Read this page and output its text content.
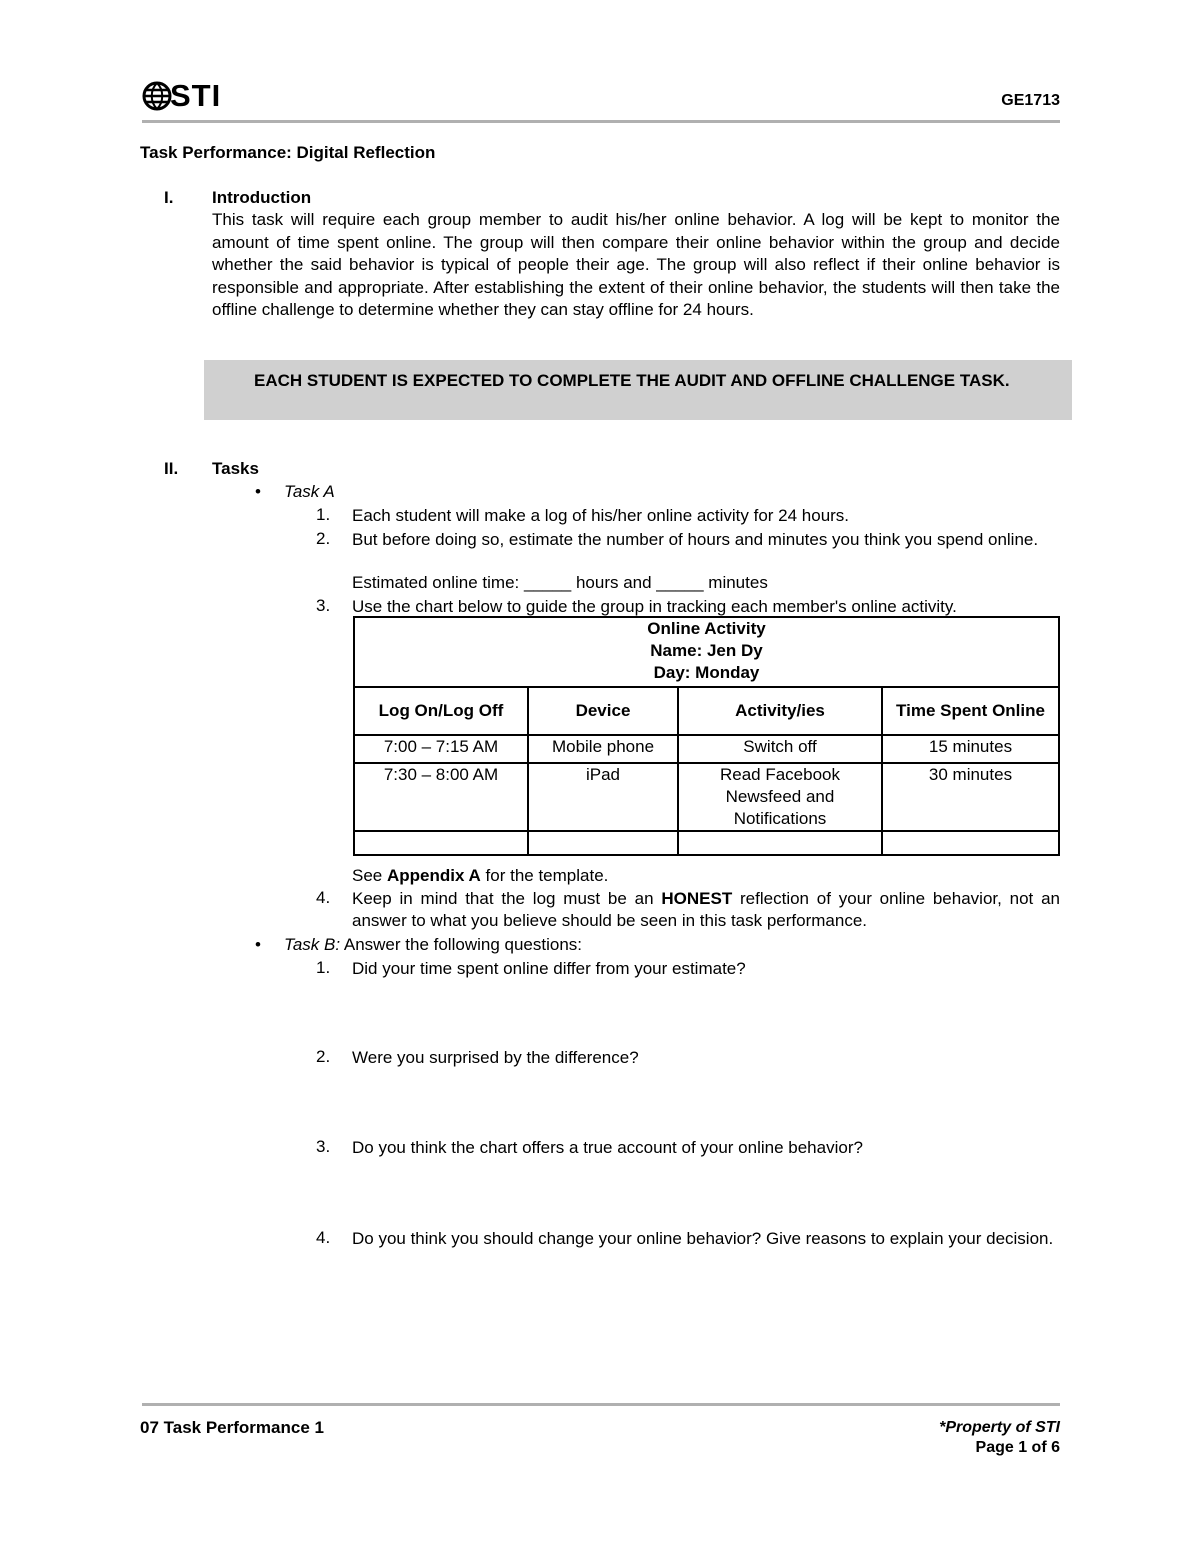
STI	GE1713
Task Performance: Digital Reflection
I. Introduction
This task will require each group member to audit his/her online behavior. A log will be kept to monitor the amount of time spent online. The group will then compare their online behavior within the group and decide whether the said behavior is typical of people their age. The group will also reflect if their online behavior is responsible and appropriate. After establishing the extent of their online behavior, the students will then take the offline challenge to determine whether they can stay offline for 24 hours.
EACH STUDENT IS EXPECTED TO COMPLETE THE AUDIT AND OFFLINE CHALLENGE TASK.
II. Tasks
• Task A
1. Each student will make a log of his/her online activity for 24 hours.
2. But before doing so, estimate the number of hours and minutes you think you spend online.
Estimated online time: _____ hours and _____ minutes
3. Use the chart below to guide the group in tracking each member's online activity.
Online Activity
Name: Jen Dy
Day: Monday			

Log On/Log Off	Device	Activity/ies	Time Spent Online
7:00 – 7:15 AM	Mobile phone	Switch off	15 minutes
7:30 – 8:00 AM	iPad	Read Facebook Newsfeed and Notifications	30 minutes

See Appendix A for the template.
4. Keep in mind that the log must be an HONEST reflection of your online behavior, not an answer to what you believe should be seen in this task performance.
• Task B: Answer the following questions:
1. Did your time spent online differ from your estimate?
2. Were you surprised by the difference?
3. Do you think the chart offers a true account of your online behavior?
4. Do you think you should change your online behavior? Give reasons to explain your decision.
07 Task Performance 1	*Property of STI
Page 1 of 6
